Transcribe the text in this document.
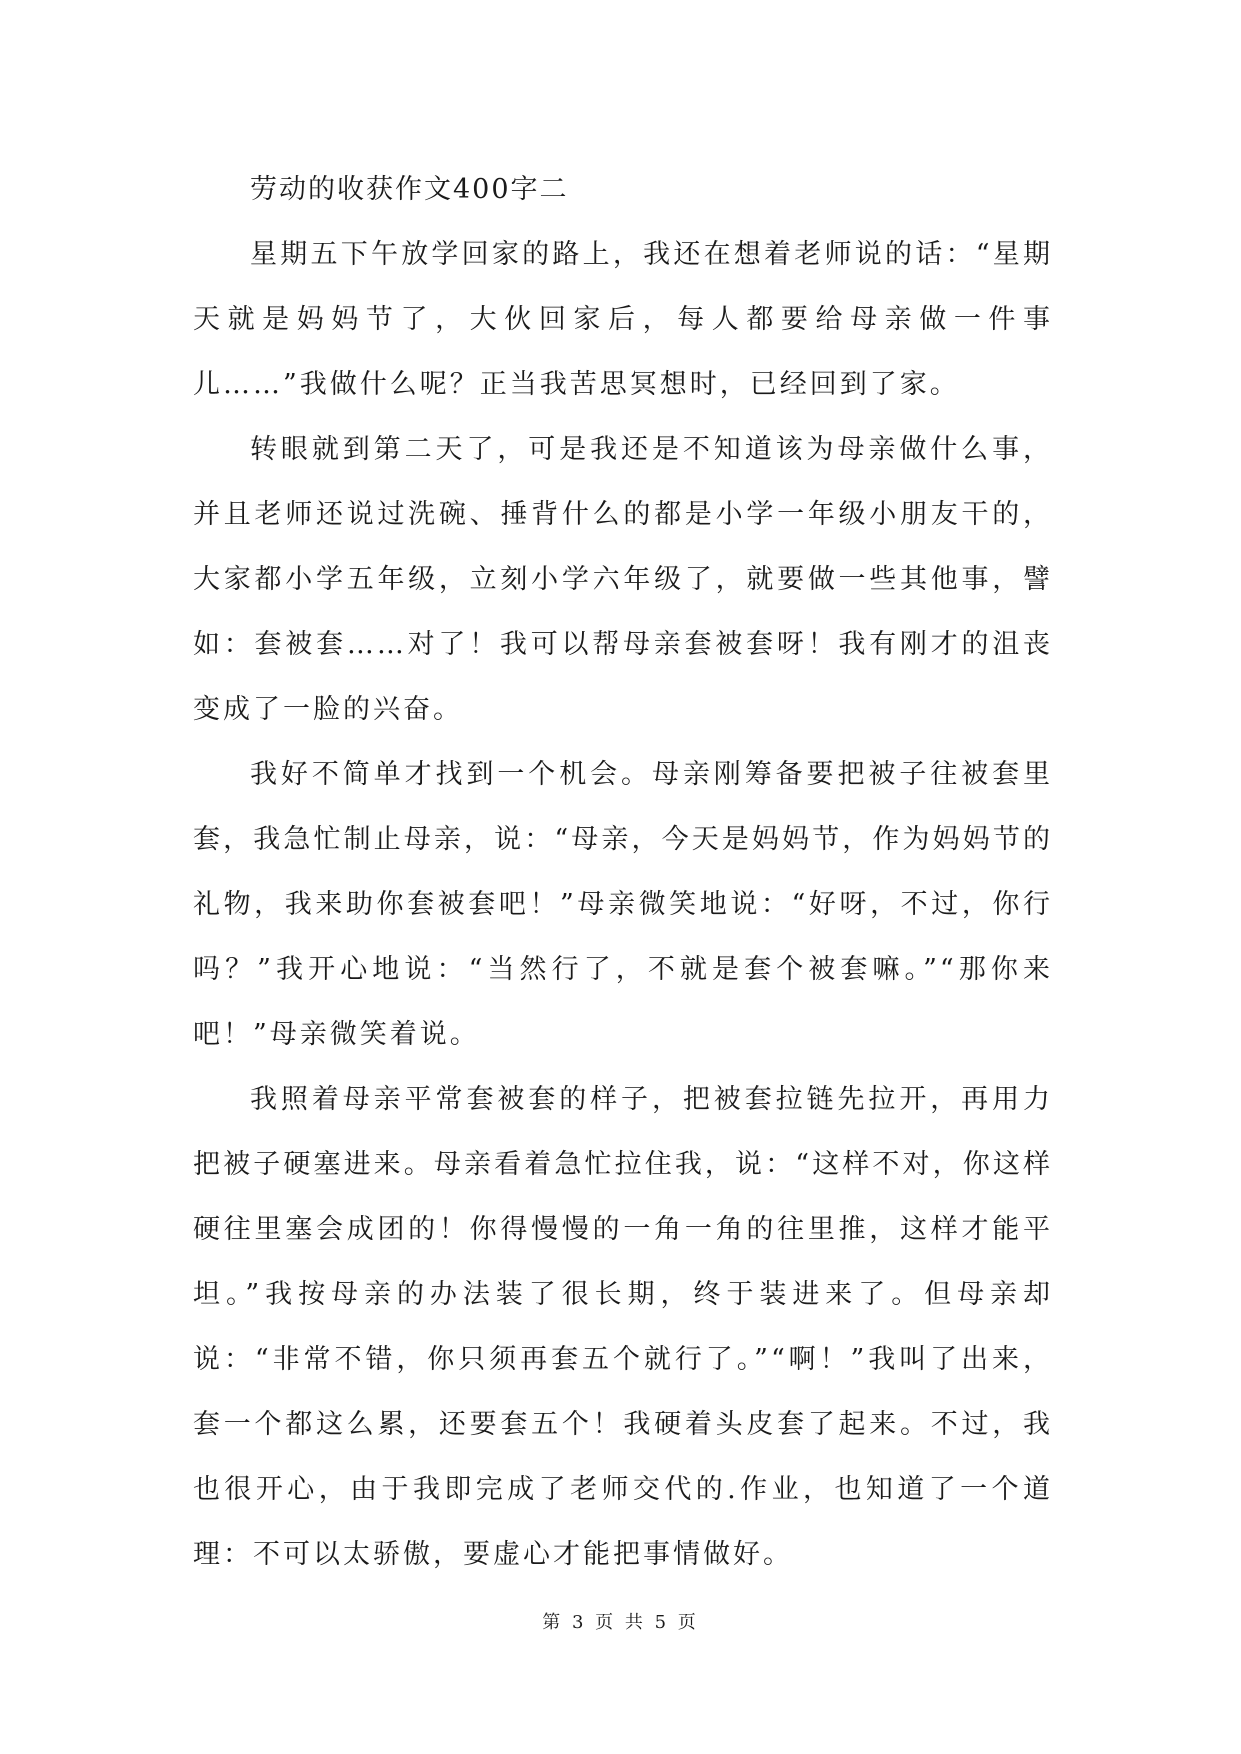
劳动的收获作文400字二

星期五下午放学回家的路上，我还在想着老师说的话：“星期天就是妈妈节了，大伙回家后，每人都要给母亲做一件事儿……”我做什么呢？正当我苦思冥想时，已经回到了家。

转眼就到第二天了，可是我还是不知道该为母亲做什么事，并且老师还说过洗碗、捶背什么的都是小学一年级小朋友干的，大家都小学五年级，立刻小学六年级了，就要做一些其他事，譬如：套被套……对了！我可以帮母亲套被套呀！我有刚才的沮丧变成了一脸的兴奋。

我好不简单才找到一个机会。母亲刚筹备要把被子往被套里套，我急忙制止母亲，说：“母亲，今天是妈妈节，作为妈妈节的礼物，我来助你套被套吧！”母亲微笑地说：“好呀，不过，你行吗？”我开心地说：“当然行了，不就是套个被套嘛。”“那你来吧！”母亲微笑着说。

我照着母亲平常套被套的样子，把被套拉链先拉开，再用力把被子硬塞进来。母亲看着急忙拉住我，说：“这样不对，你这样硬往里塞会成团的！你得慢慢的一角一角的往里推，这样才能平坦。”我按母亲的办法装了很长期，终于装进来了。但母亲却说：“非常不错，你只须再套五个就行了。”“啊！”我叫了出来，套一个都这么累，还要套五个！我硬着头皮套了起来。不过，我也很开心，由于我即完成了老师交代的.作业，也知道了一个道理：不可以太骄傲，要虚心才能把事情做好。

第 3 页 共 5 页
